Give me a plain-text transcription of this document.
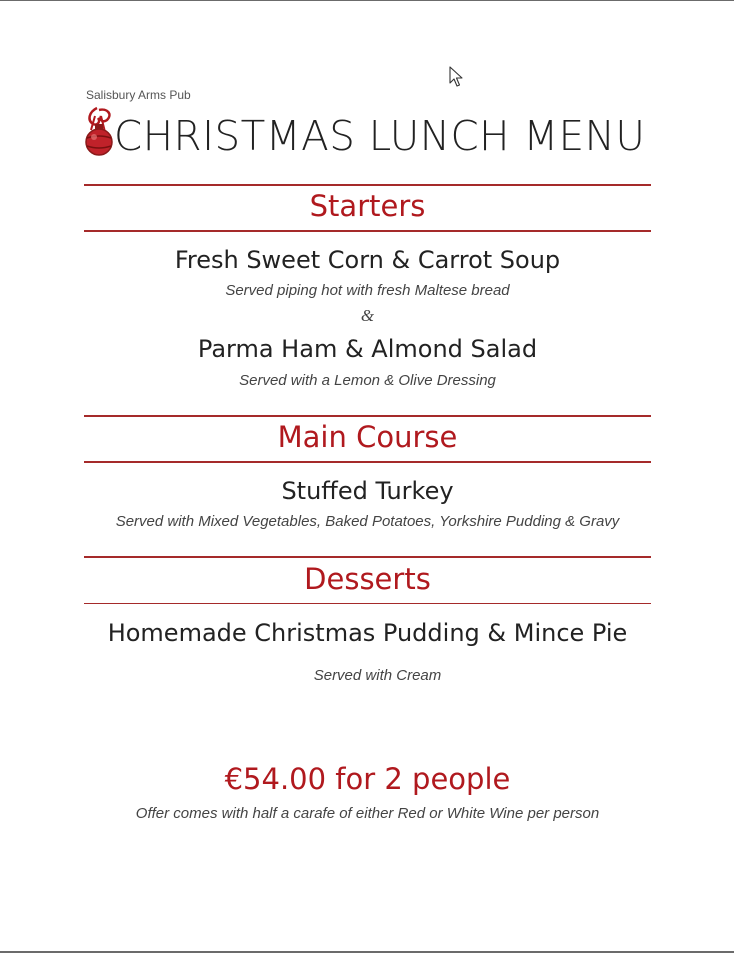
Salisbury Arms Pub
CHRISTMAS LUNCH MENU
Starters
Fresh Sweet Corn & Carrot Soup
Served piping hot with fresh Maltese bread
&
Parma Ham & Almond Salad
Served with a Lemon & Olive Dressing
Main Course
Stuffed Turkey
Served with Mixed Vegetables, Baked Potatoes, Yorkshire Pudding & Gravy
Desserts
Homemade Christmas Pudding & Mince Pie
Served with Cream
€54.00 for 2 people
Offer comes with half a carafe of either Red or White Wine per person
